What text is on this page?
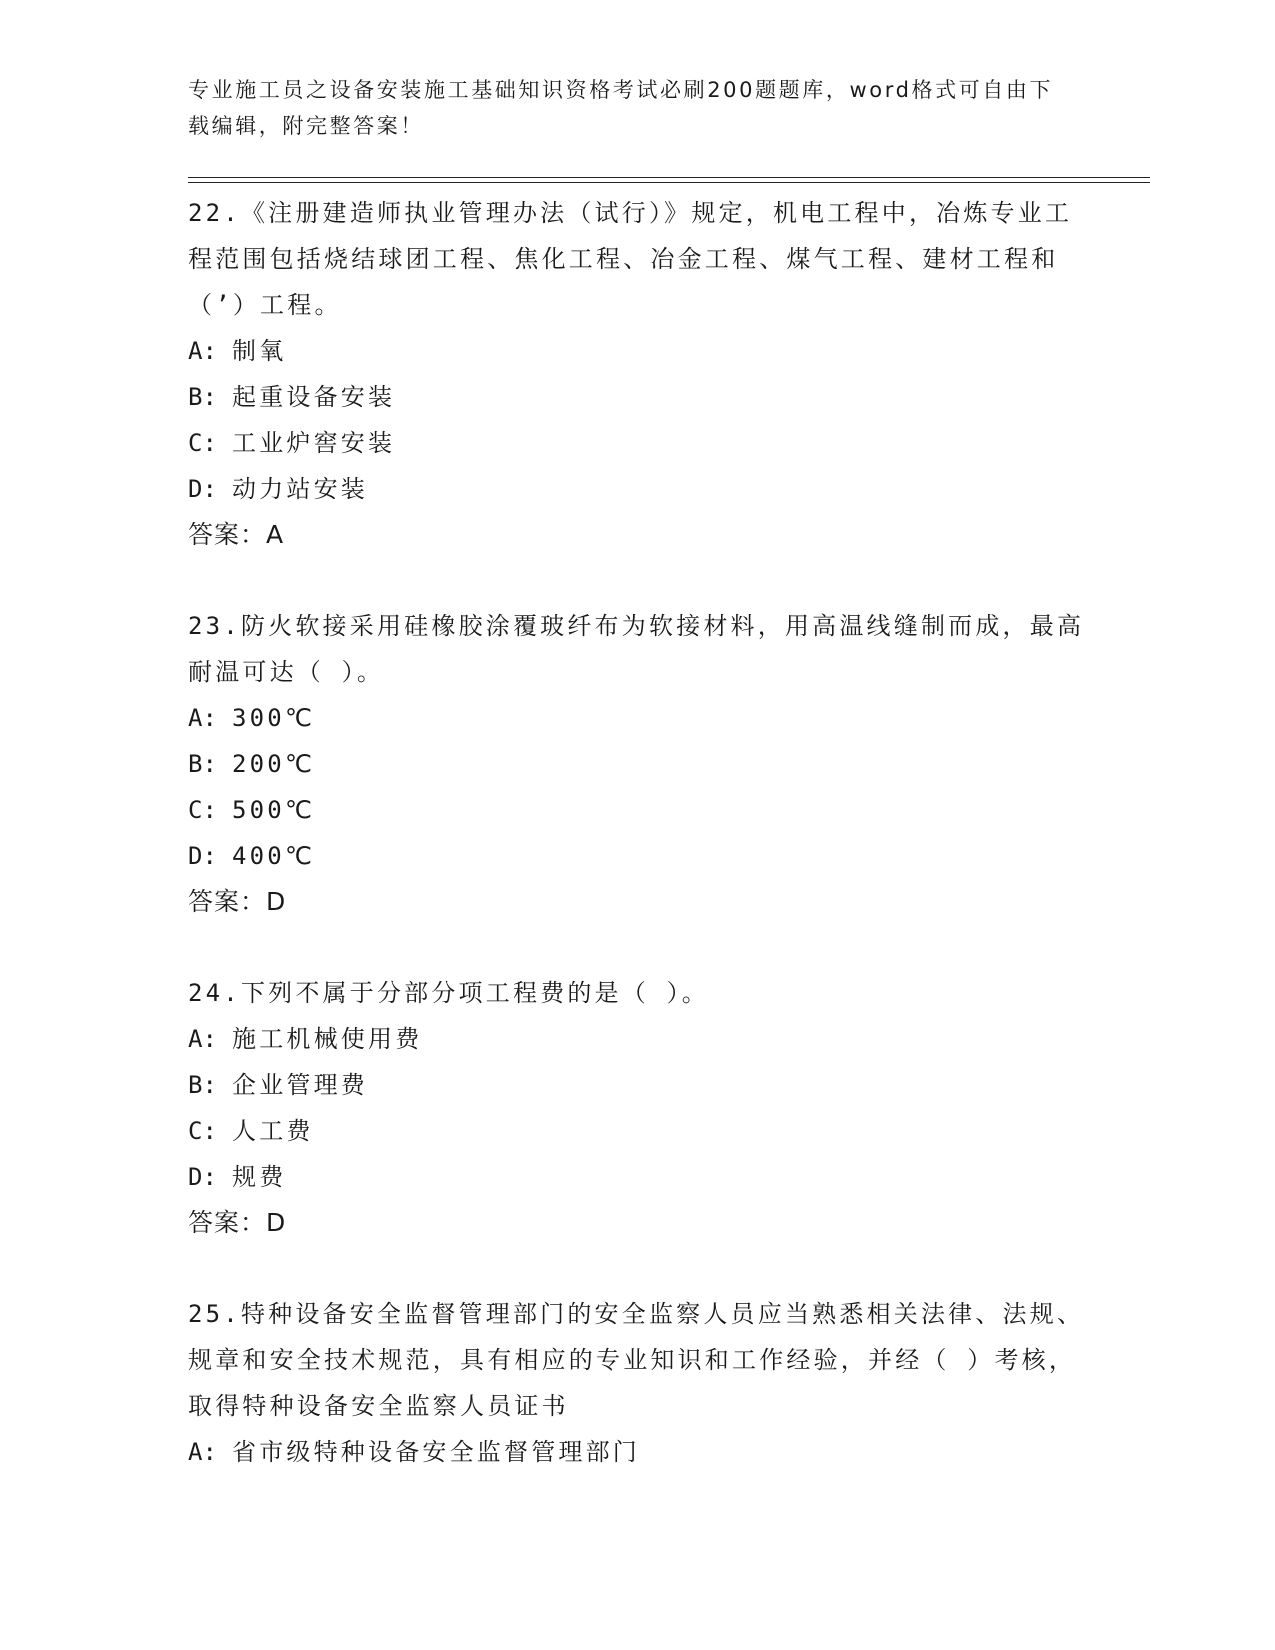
专业施工员之设备安装施工基础知识资格考试必刷200题题库，word格式可自由下载编辑，附完整答案！

22.《注册建造师执业管理办法（试行）》规定，机电工程中，冶炼专业工程范围包括烧结球团工程、焦化工程、冶金工程、煤气工程、建材工程和（’）工程。

A: 制氧
B: 起重设备安装
C: 工业炉窖安装
D: 动力站安装

答案：A

23.防火软接采用硅橡胶涂覆玻纤布为软接材料，用高温线缝制而成，最高耐温可达（ ）。

A: 300℃
B: 200℃
C: 500℃
D: 400℃

答案：D

24.下列不属于分部分项工程费的是（ ）。

A: 施工机械使用费
B: 企业管理费
C: 人工费
D: 规费

答案：D

25.特种设备安全监督管理部门的安全监察人员应当熟悉相关法律、法规、规章和安全技术规范，具有相应的专业知识和工作经验，并经（ ）考核，取得特种设备安全监察人员证书

A: 省市级特种设备安全监督管理部门
